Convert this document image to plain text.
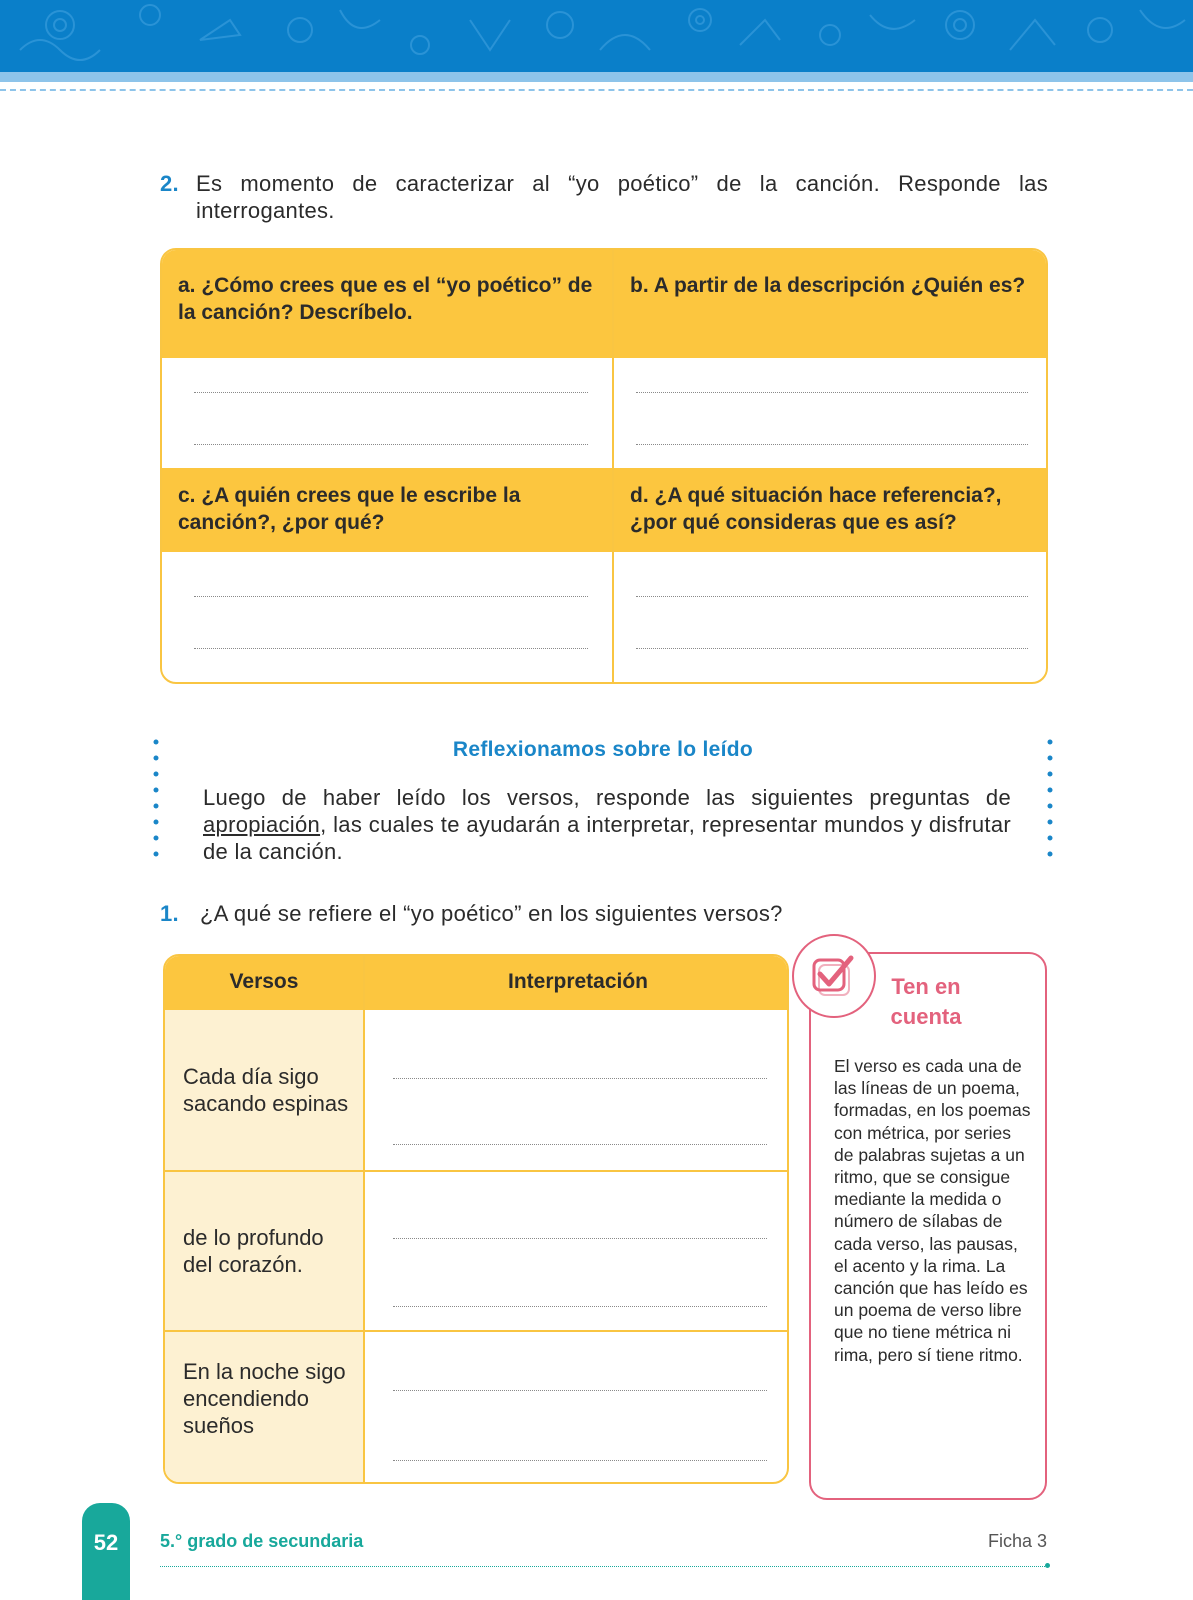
2. Es momento de caracterizar al “yo poético” de la canción. Responde las interrogantes.
a. ¿Cómo crees que es el “yo poético” de la canción? Descríbelo.
b. A partir de la descripción ¿Quién es?
c. ¿A quién crees que le escribe la canción?, ¿por qué?
d. ¿A qué situación hace referencia?, ¿por qué consideras que es así?
Reflexionamos sobre lo leído
Luego de haber leído los versos, responde las siguientes preguntas de apropiación, las cuales te ayudarán a interpretar, representar mundos y disfrutar de la canción.
1. ¿A qué se refiere el “yo poético” en los siguientes versos?
Versos	Interpretación
Cada día sigo sacando espinas
de lo profundo del corazón.
En la noche sigo encendiendo sueños
Ten en cuenta
El verso es cada una de las líneas de un poema, formadas, en los poemas con métrica, por series de palabras sujetas a un ritmo, que se consigue mediante la medida o número de sílabas de cada verso, las pausas, el acento y la rima. La canción que has leído es un poema de verso libre que no tiene métrica ni rima, pero sí tiene ritmo.
52	5.° grado de secundaria	Ficha 3
